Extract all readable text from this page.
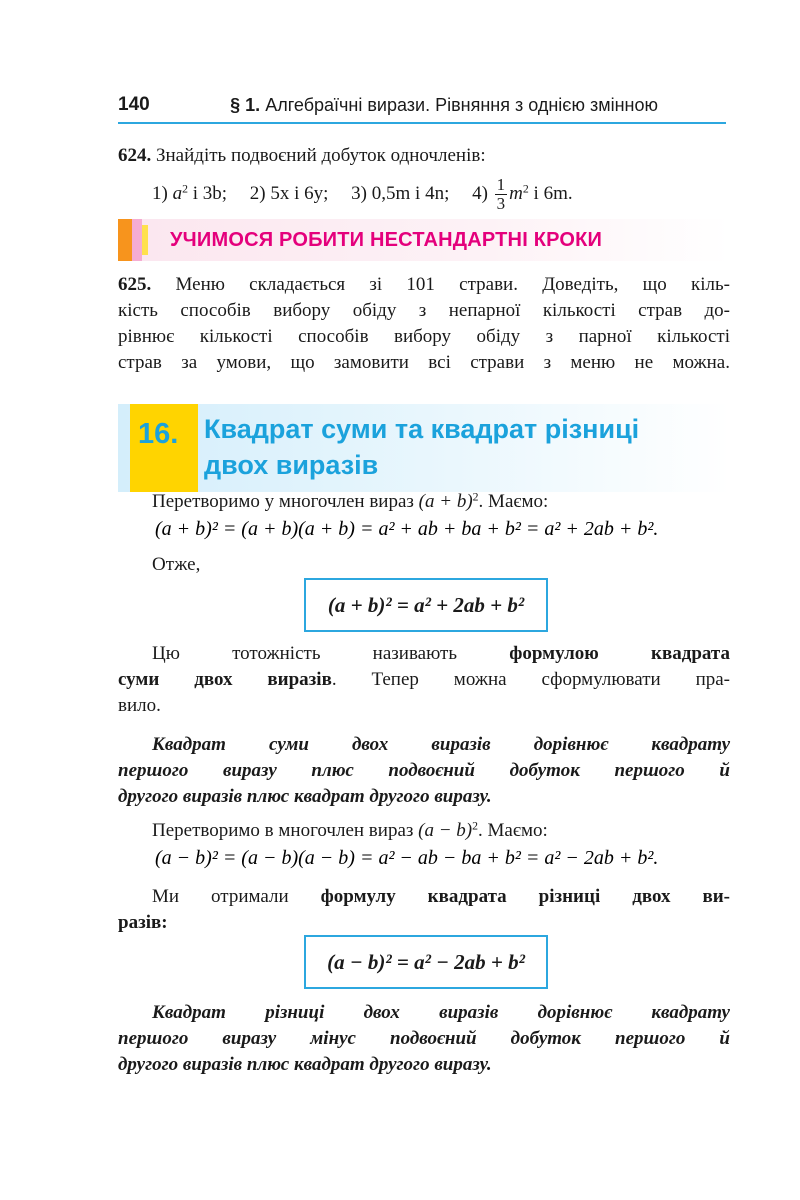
140	§ 1. Алгебраїчні вирази. Рівняння з однією змінною
624. Знайдіть подвоєний добуток одночленів:
1) $a^2$ і 3b; 2) 5x і 6y; 3) 0,5m і 4n; $4) \frac{1}{3} m^2$ і 6m.
УЧИМОСЯ РОБИТИ НЕСТАНДАРТНІ КРОКИ
625. Меню складається зі 101 страви. Доведіть, що кіль-
кість способів вибору обіду з непарної кількості страв до-
рівнює кількості способів вибору обіду з парної кількості
страв за умови, що замовити всі страви з меню не можна.
16. Квадрат суми та квадрат різниці
двох виразів
Перетворимо у многочлен вираз $(a + b)^2$. Маємо:
(a + b)² = (a + b)(a + b) = a² + ab + ba + b² = a² + 2ab + b².
Отже,
(a + b)² = a² + 2ab + b²
Цю тотожність називають	формулою квадрата
суми двох виразів. Тепер можна сформулювати пра-
вило.
Квадрат суми двох виразів дорівнює квадрату
першого виразу плюс подвоєний добуток першого й
другого виразів плюс квадрат другого виразу.
Перетворимо в многочлен вираз $(a - b)^2$. Маємо:
(a − b)² = (a − b)(a − b) = a² − ab − ba + b² = a² − 2ab + b².
Ми отримали формулу квадрата різниці двох ви-
разів:
(a − b)² = a² − 2ab + b²
Квадрат різниці двох виразів дорівнює квадрату
першого виразу мінус подвоєний добуток першого й
другого виразів плюс квадрат другого виразу.
